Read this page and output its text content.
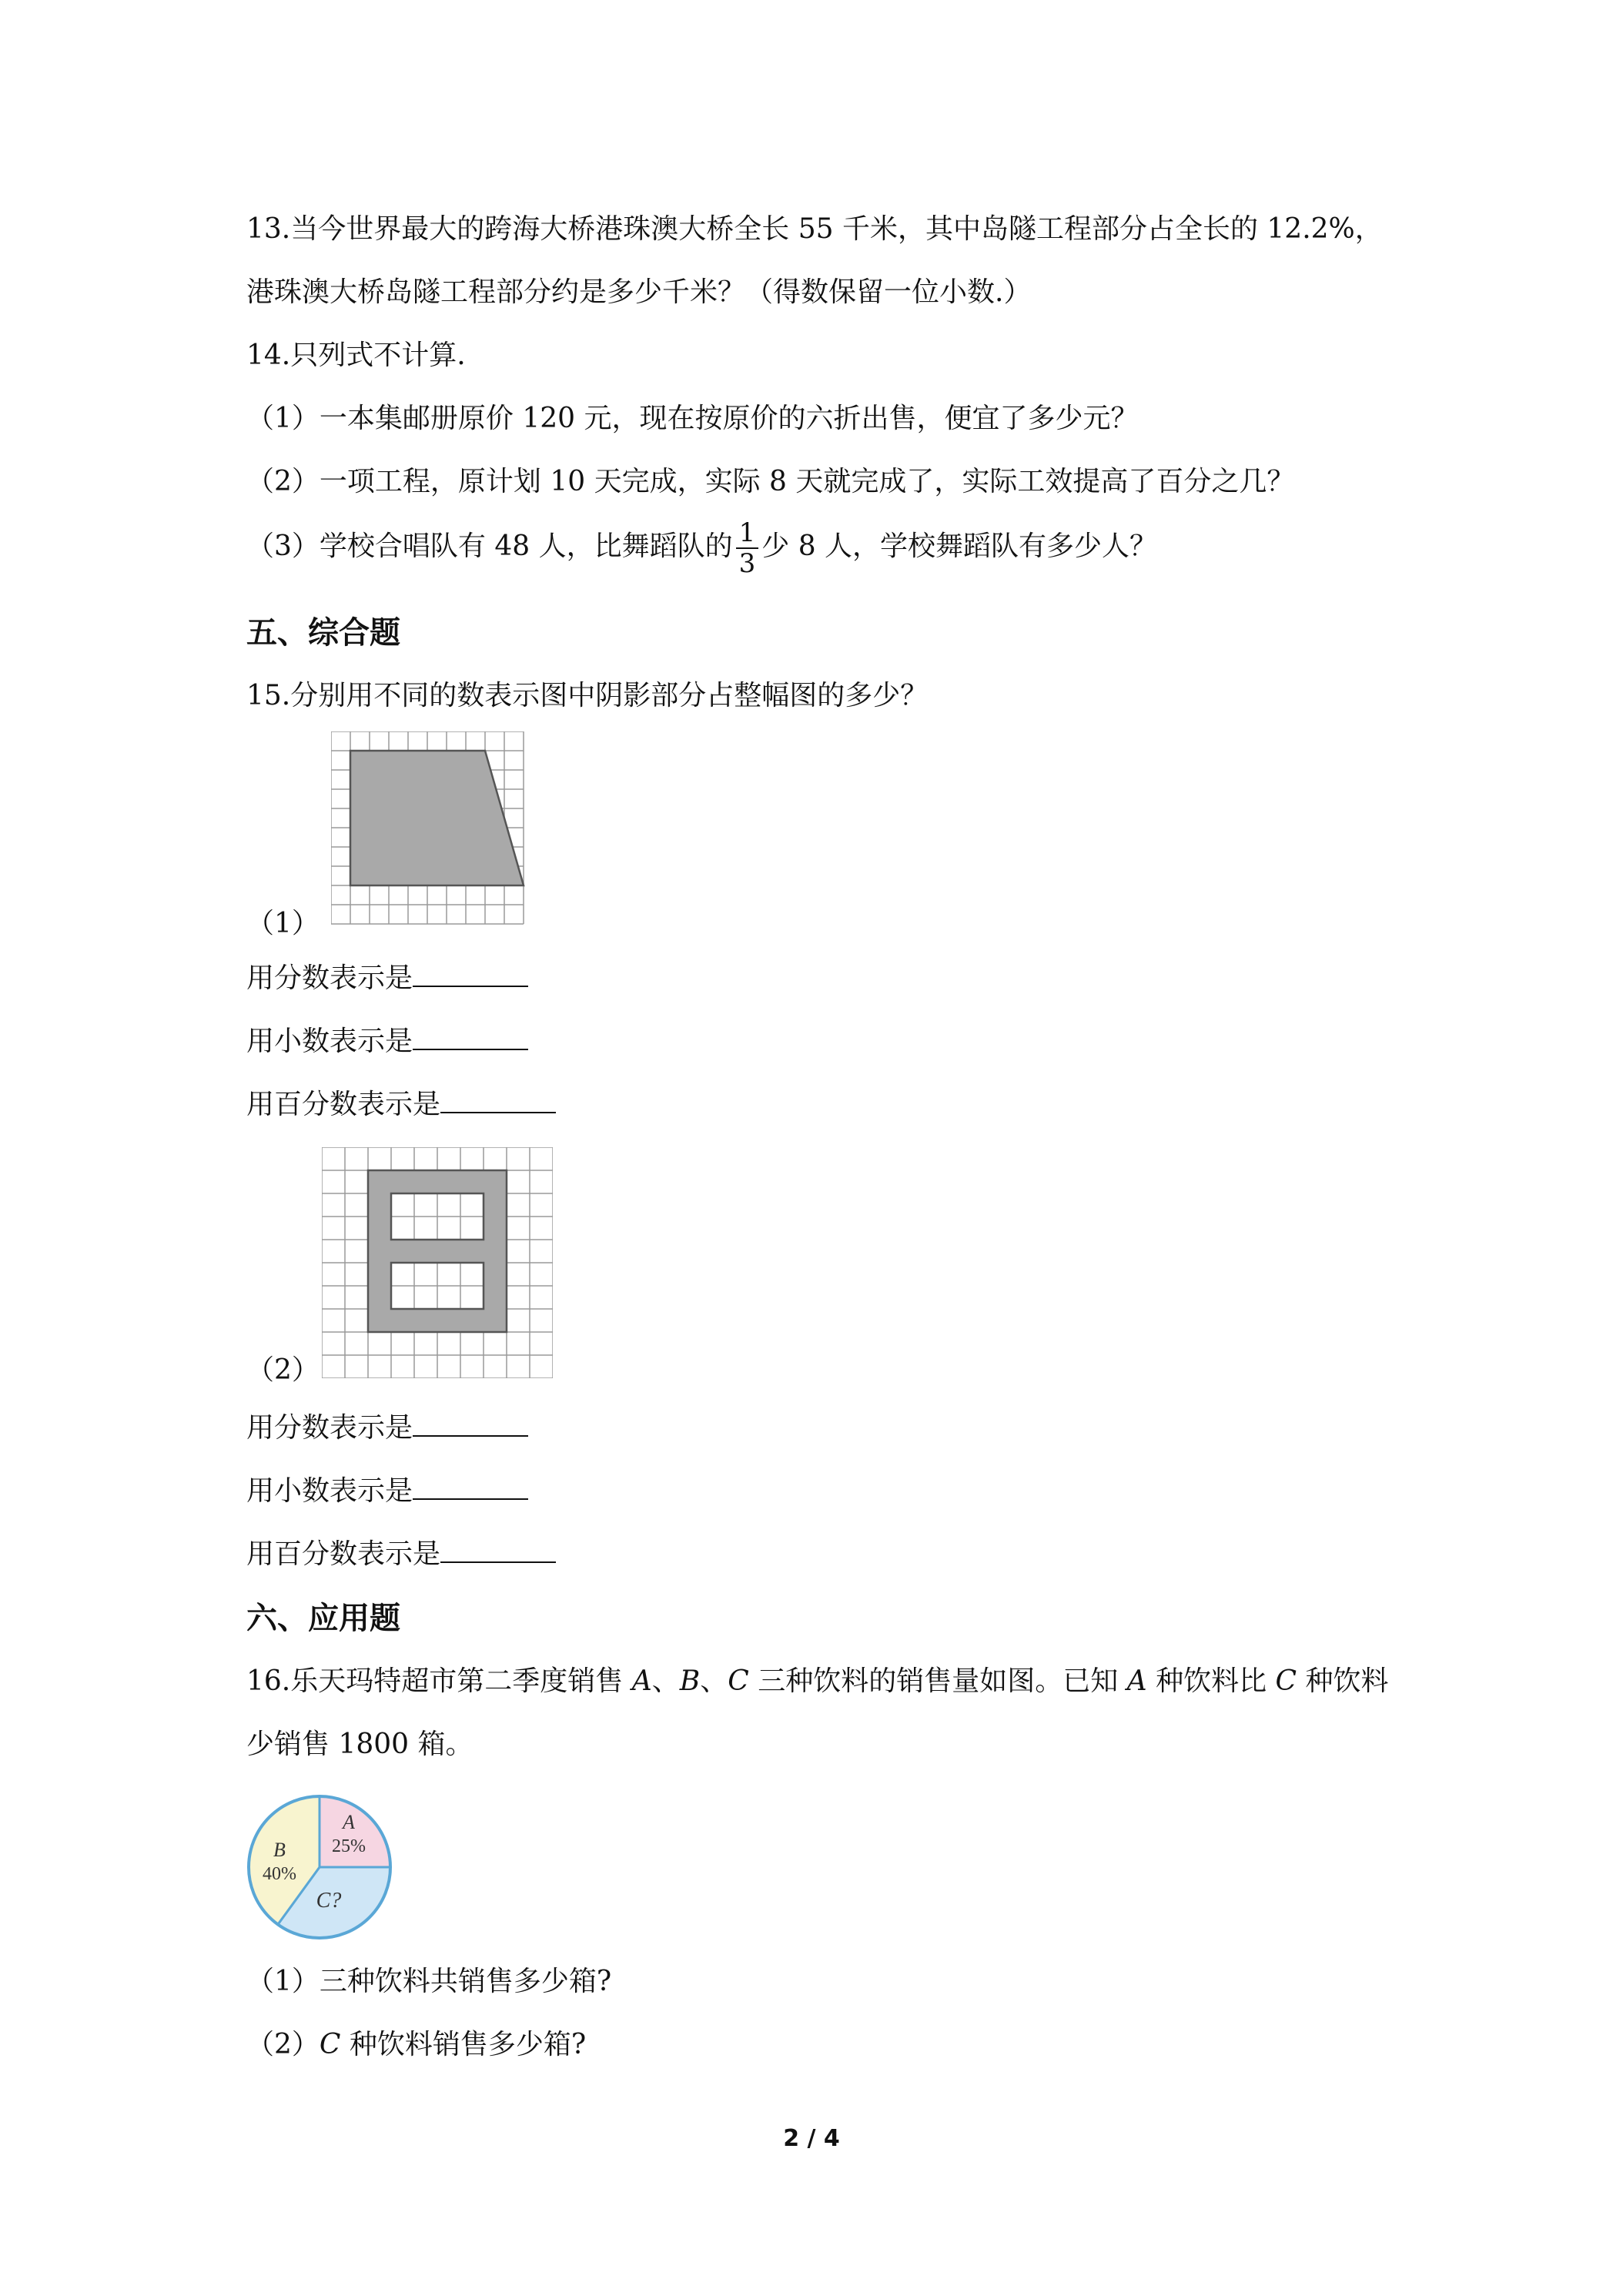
13.当今世界最大的跨海大桥港珠澳大桥全长 55 千米，其中岛隧工程部分占全长的 12.2%，
港珠澳大桥岛隧工程部分约是多少千米？（得数保留一位小数.）
14.只列式不计算.
（1）一本集邮册原价 120 元，现在按原价的六折出售，便宜了多少元？
（2）一项工程，原计划 10 天完成，实际 8 天就完成了，实际工效提高了百分之几？
（3）学校合唱队有 48 人，比舞蹈队的 $\frac{1}{3}$ 少 8 人，学校舞蹈队有多少人？
五、综合题
15.分别用不同的数表示图中阴影部分占整幅图的多少？
（1）
用分数表示是
用小数表示是
用百分数表示是
（2）
用分数表示是
用小数表示是
用百分数表示是
六、应用题
16.乐天玛特超市第二季度销售 A、B、C 三种饮料的销售量如图。已知 A 种饮料比 C 种饮料
少销售 1800 箱。
A
25%
B
40%
C?
（1）三种饮料共销售多少箱?
（2）C 种饮料销售多少箱?
2 / 4
